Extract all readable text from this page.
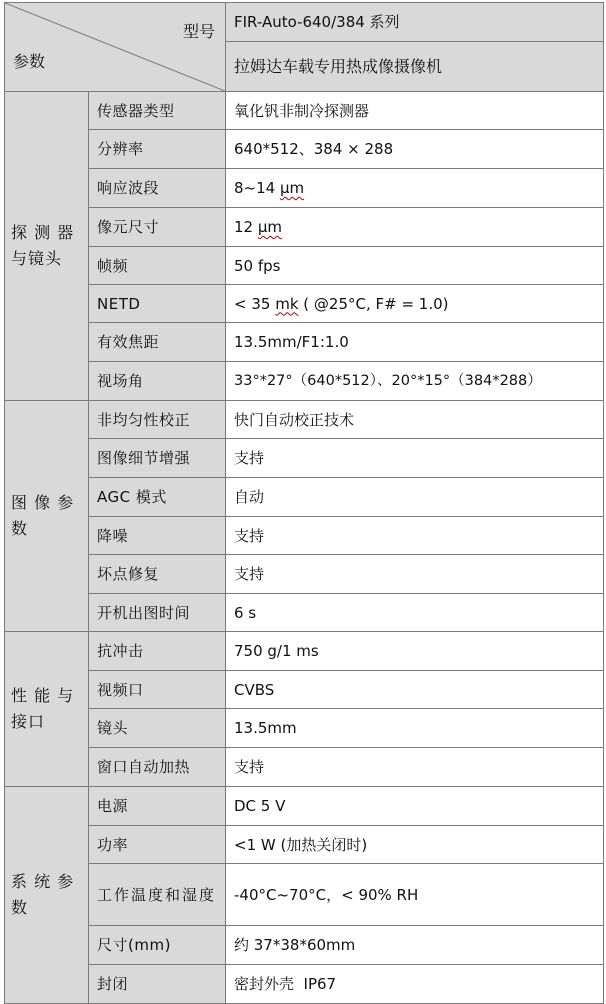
型号
参数		FIR-Auto-640/384 系列
		拉姆达车载专用热成像摄像机
探 测 器 与镜头	传感器类型	氧化钒非制冷探测器
	分辨率	640*512、384 × 288
	响应波段	8~14 μm
	像元尺寸	12 μm
	帧频	50 fps
	NETD	< 35 mk ( @25°C, F# = 1.0)
	有效焦距	13.5mm/F1:1.0
	视场角	33°*27°（640*512）、20°*15°（384*288）
图 像 参 数	非均匀性校正	快门自动校正技术
	图像细节增强	支持
	AGC 模式	自动
	降噪	支持
	坏点修复	支持
	开机出图时间	6 s
性 能 与 接口	抗冲击	750 g/1 ms
	视频口	CVBS
	镜头	13.5mm
	窗口自动加热	支持
系 统 参 数	电源	DC 5 V
	功率	<1 W (加热关闭时)
	工作温度和湿度	-40°C~70°C，< 90% RH
	尺寸(mm)	约 37*38*60mm
	封闭	密封外壳  IP67
